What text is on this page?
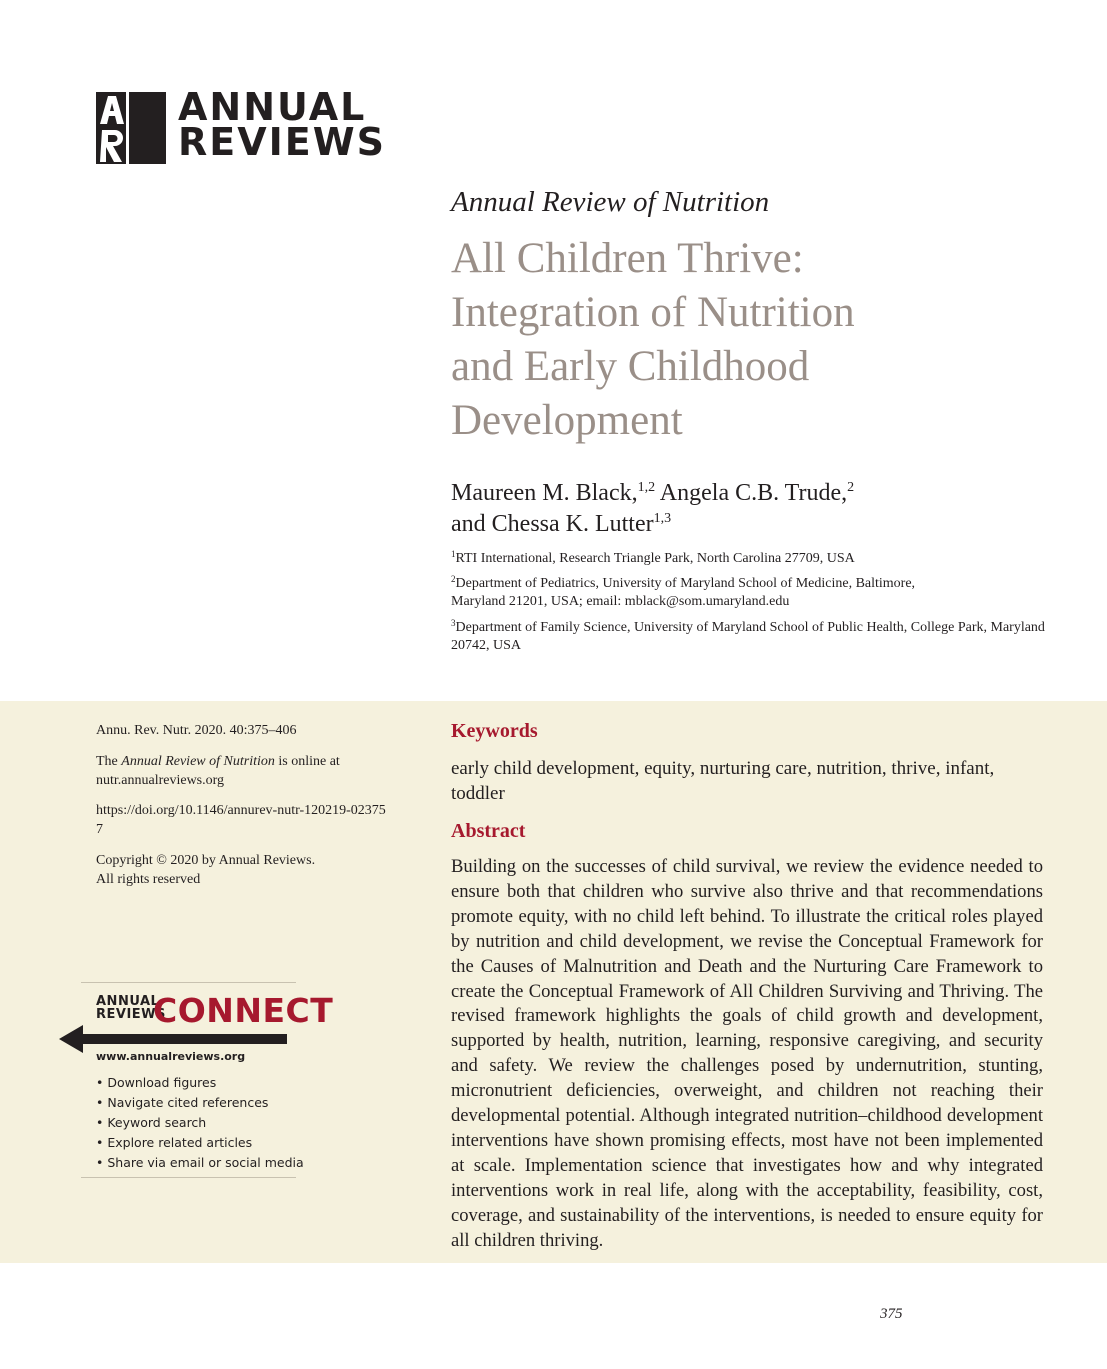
ANNUAL
REVIEWS
Annual Review of Nutrition
All Children Thrive:
Integration of Nutrition
and Early Childhood
Development
Maureen M. Black,$^{1,2}$ Angela C.B. Trude,$^2$
and Chessa K. Lutter$^{1,3}$
$^1$RTI International, Research Triangle Park, North Carolina 27709, USA
$^2$Department of Pediatrics, University of Maryland School of Medicine, Baltimore, Maryland 21201, USA; email: mblack@som.umaryland.edu
$^3$Department of Family Science, University of Maryland School of Public Health, College Park, Maryland 20742, USA
Annu. Rev. Nutr. 2020. 40:375–406
The Annual Review of Nutrition is online at nutr.annualreviews.org
https://doi.org/10.1146/annurev-nutr-120219-023757
Copyright © 2020 by Annual Reviews.
All rights reserved
ANNUAL
REVIEWS
CONNECT
www.annualreviews.org
• Download figures
• Navigate cited references
• Keyword search
• Explore related articles
• Share via email or social media
Keywords
early child development, equity, nurturing care, nutrition, thrive, infant, toddler
Abstract
Building on the successes of child survival, we review the evidence needed to ensure both that children who survive also thrive and that recommendations promote equity, with no child left behind. To illustrate the critical roles played by nutrition and child development, we revise the Conceptual Framework for the Causes of Malnutrition and Death and the Nurturing Care Framework to create the Conceptual Framework of All Children Surviving and Thriving. The revised framework highlights the goals of child growth and development, supported by health, nutrition, learning, responsive caregiving, and security and safety. We review the challenges posed by undernutrition, stunting, micronutrient deficiencies, overweight, and children not reaching their developmental potential. Although integrated nutrition–childhood development interventions have shown promising effects, most have not been implemented at scale. Implementation science that investigates how and why integrated interventions work in real life, along with the acceptability, feasibility, cost, coverage, and sustainability of the interventions, is needed to ensure equity for all children thriving.
375
